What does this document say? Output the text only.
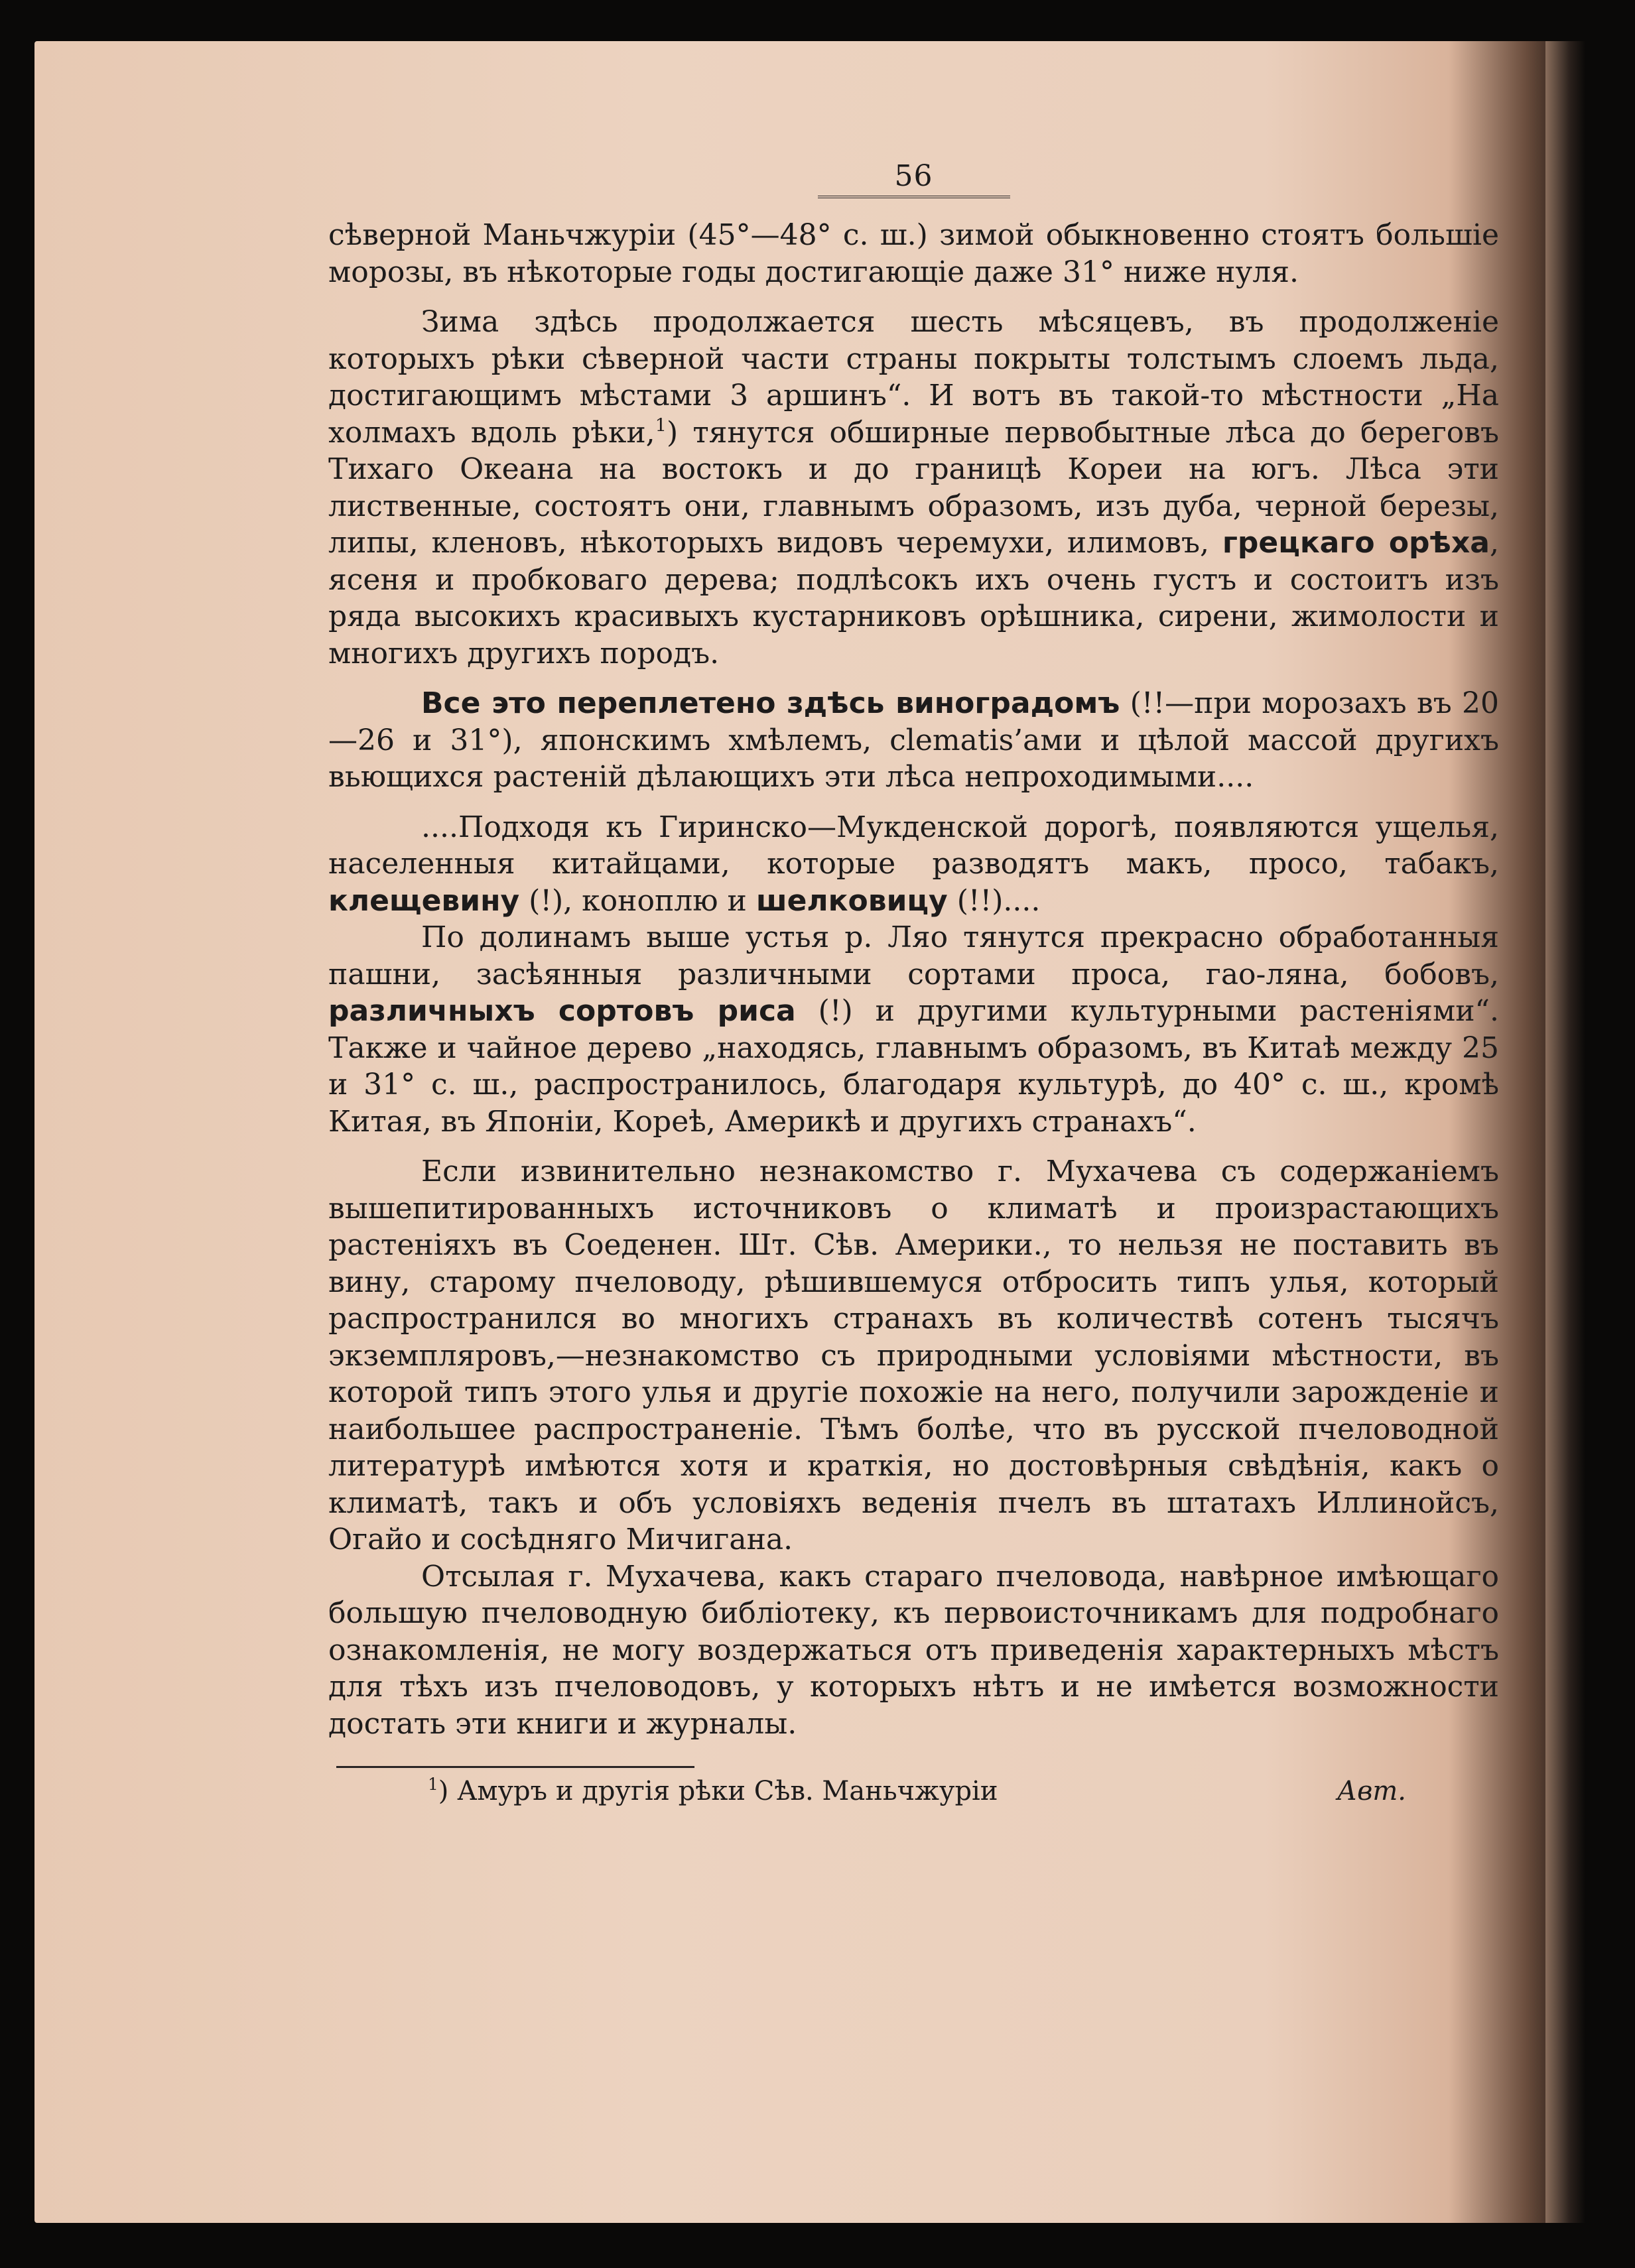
56

сѣверной Маньчжуріи (45°—48° с. ш.) зимой обыкновенно стоятъ большіе морозы, въ нѣкоторые годы достигающіе даже 31° ниже нуля.

Зима здѣсь продолжается шесть мѣсяцевъ, въ продолженіе которыхъ рѣки сѣверной части страны покрыты толстымъ слоемъ льда, достигающимъ мѣстами 3 аршинъ“. И вотъ въ такой-то мѣстности „На холмахъ вдоль рѣки,$^1$) тянутся обширные первобытные лѣса до береговъ Тихаго Океана на востокъ и до границѣ Кореи на югъ. Лѣса эти лиственные, состоятъ они, главнымъ образомъ, изъ дуба, черной березы, липы, кленовъ, нѣкоторыхъ видовъ черемухи, илимовъ, грецкаго орѣха, ясеня и пробковаго дерева; подлѣсокъ ихъ очень густъ и состоитъ изъ ряда высокихъ красивыхъ кустарниковъ орѣшника, сирени, жимолости и многихъ другихъ породъ.

Все это переплетено здѣсь виноградомъ (!!—при морозахъ въ 20—26 и 31°), японскимъ хмѣлемъ, clematis’ами и цѣлой массой другихъ вьющихся растеній дѣлающихъ эти лѣса непроходимыми....

....Подходя къ Гиринско—Мукденской дорогѣ, появляются ущелья, населенныя китайцами, которые разводятъ макъ, просо, табакъ, клещевину (!), коноплю и шелковицу (!!)....

По долинамъ выше устья р. Ляо тянутся прекрасно обработанныя пашни, засѣянныя различными сортами проса, гао-ляна, бобовъ, различныхъ сортовъ риса (!) и другими культурными растеніями“. Также и чайное дерево „находясь, главнымъ образомъ, въ Китаѣ между 25 и 31° с. ш., распространилось, благодаря культурѣ, до 40° с. ш., кромѣ Китая, въ Японіи, Кореѣ, Америкѣ и другихъ странахъ“.

Если извинительно незнакомство г. Мухачева съ содержаніемъ вышепитированныхъ источниковъ о климатѣ и произрастающихъ растеніяхъ въ Соеденен. Шт. Сѣв. Америки., то нельзя не поставить въ вину, старому пчеловоду, рѣшившемуся отбросить типъ улья, который распространился во многихъ странахъ въ количествѣ сотенъ тысячъ экземпляровъ,—незнакомство съ природными условіями мѣстности, въ которой типъ этого улья и другіе похожіе на него, получили зарожденіе и наибольшее распространеніе. Тѣмъ болѣе, что въ русской пчеловодной литературѣ имѣются хотя и краткія, но достовѣрныя свѣдѣнія, какъ о климатѣ, такъ и объ условіяхъ веденія пчелъ въ штатахъ Иллинойсъ, Огайо и сосѣдняго Мичигана.

Отсылая г. Мухачева, какъ стараго пчеловода, навѣрное имѣющаго большую пчеловодную библіотеку, къ первоисточникамъ для подробнаго ознакомленія, не могу воздержаться отъ приведенія характерныхъ мѣстъ для тѣхъ изъ пчеловодовъ, у которыхъ нѣтъ и не имѣется возможности достать эти книги и журналы.

$^1$) Амуръ и другія рѣки Сѣв. Маньчжуріи	Авт.
